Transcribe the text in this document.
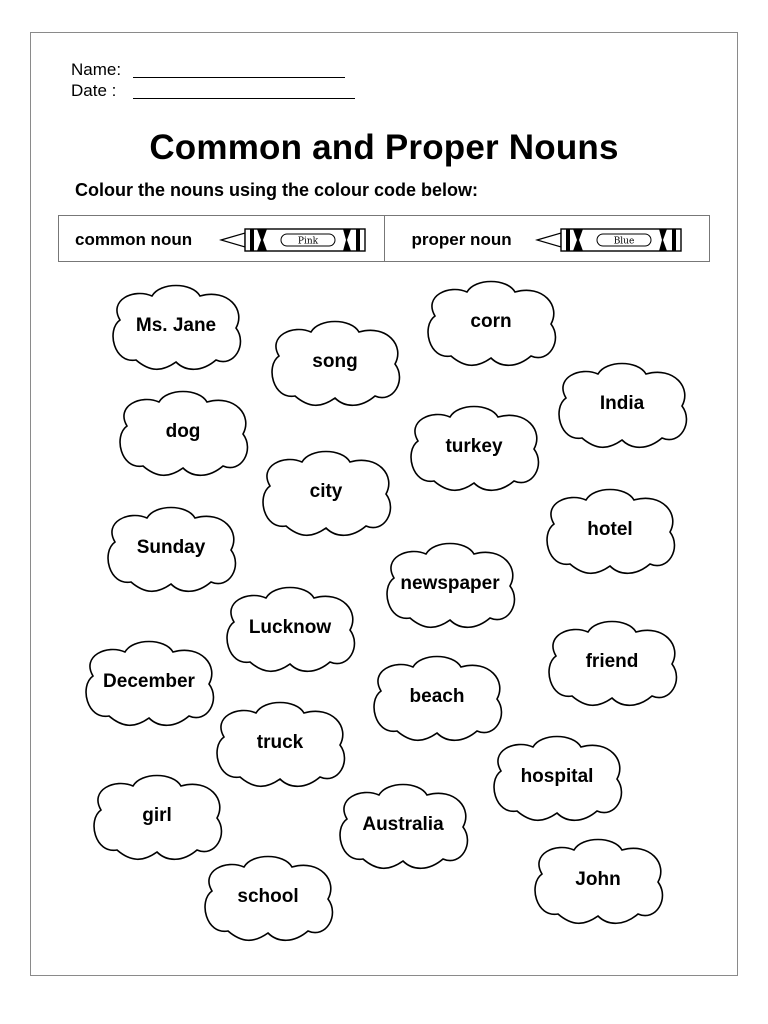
Name:
Date :
Common and Proper Nouns
Colour the nouns using the colour code below:
common noun	Pink	proper noun	Blue
Ms. Jane
song
corn
India
dog
turkey
city
hotel
Sunday
newspaper
Lucknow
friend
December
beach
truck
hospital
girl	Australia
John
school
